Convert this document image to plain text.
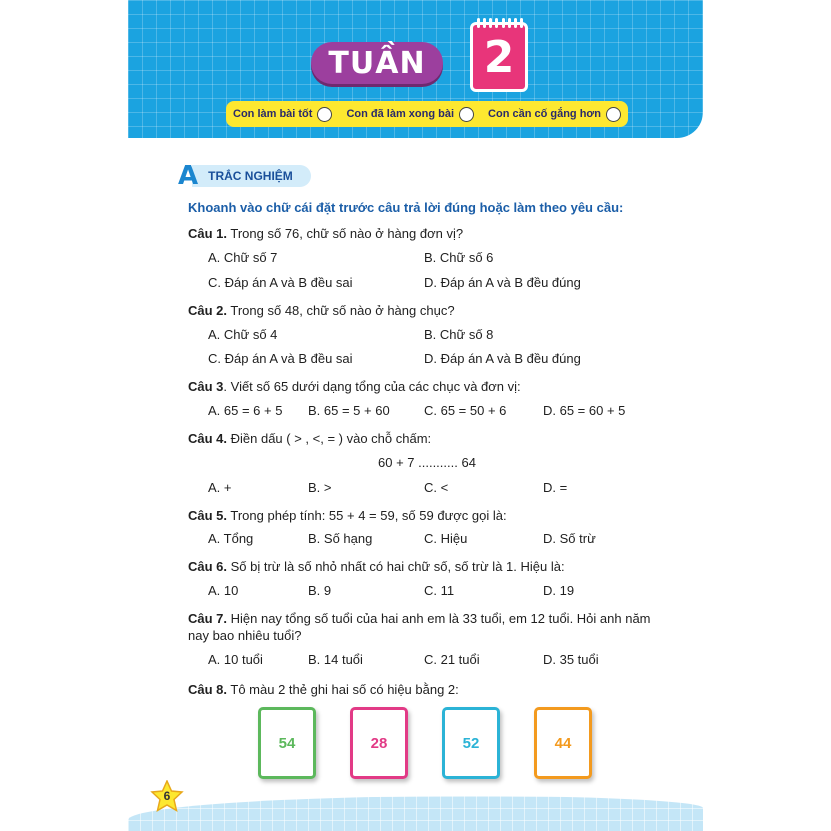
TUẦN	2
Con làm bài tốt	Con đã làm xong bài	Con cần cố gắng hơn
A TRẮC NGHIỆM
Khoanh vào chữ cái đặt trước câu trả lời đúng hoặc làm theo yêu cầu:
Câu 1. Trong số 76, chữ số nào ở hàng đơn vị?
A. Chữ số 7	B. Chữ số 6
C. Đáp án A và B đều sai	D. Đáp án A và B đều đúng
Câu 2. Trong số 48, chữ số nào ở hàng chục?
A. Chữ số 4	B. Chữ số 8
C. Đáp án A và B đều sai	D. Đáp án A và B đều đúng
Câu 3. Viết số 65 dưới dạng tổng của các chục và đơn vị:
A. 65 = 6 + 5 B. 65 = 5 + 60	C. 65 = 50 + 6	D. 65 = 60 + 5
Câu 4. Điền dấu ( > , <, = ) vào chỗ chấm:
60 + 7 ........... 64
A. +	B. >	C. <	D. =
Câu 5. Trong phép tính: 55 + 4 = 59, số 59 được gọi là:
A. Tổng	B. Số hạng	C. Hiệu	D. Số trừ
Câu 6. Số bị trừ là số nhỏ nhất có hai chữ số, số trừ là 1. Hiệu là:
A. 10	B. 9	C. 11	D. 19
Câu 7. Hiện nay tổng số tuổi của hai anh em là 33 tuổi, em 12 tuổi. Hỏi anh năm nay bao nhiêu tuổi?
A. 10 tuổi	B. 14 tuổi	C. 21 tuổi	D. 35 tuổi
Câu 8. Tô màu 2 thẻ ghi hai số có hiệu bằng 2:
54	28	52	44
6
